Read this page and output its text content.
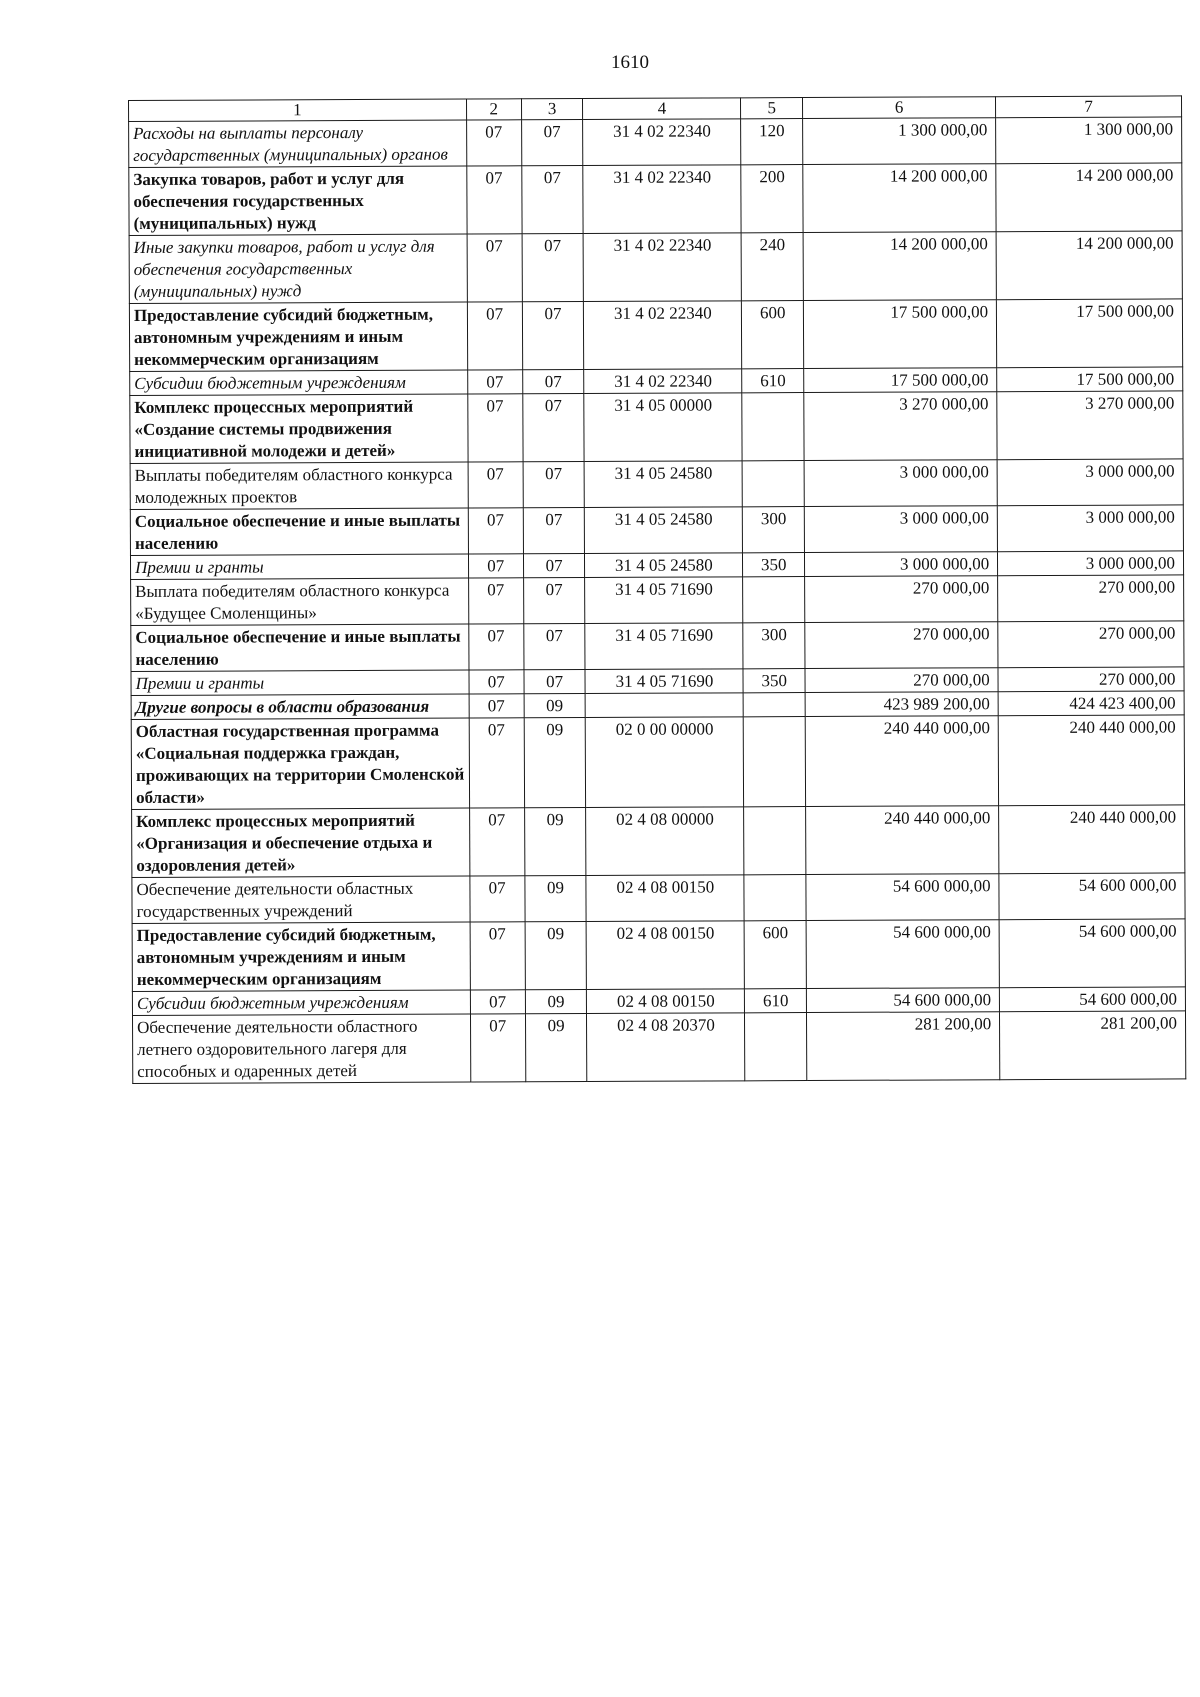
1610
1	2	3	4	5	6	7
Расходы на выплаты персоналу государственных (муниципальных) органов	07	07	31 4 02 22340	120	1 300 000,00	1 300 000,00
Закупка товаров, работ и услуг для обеспечения государственных (муниципальных) нужд	07	07	31 4 02 22340	200	14 200 000,00	14 200 000,00
Иные закупки товаров, работ и услуг для обеспечения государственных (муниципальных) нужд	07	07	31 4 02 22340	240	14 200 000,00	14 200 000,00
Предоставление субсидий бюджетным, автономным учреждениям и иным некоммерческим организациям	07	07	31 4 02 22340	600	17 500 000,00	17 500 000,00
Субсидии бюджетным учреждениям	07	07	31 4 02 22340	610	17 500 000,00	17 500 000,00
Комплекс процессных мероприятий «Создание системы продвижения инициативной молодежи и детей»	07	07	31 4 05 00000		3 270 000,00	3 270 000,00
Выплаты победителям областного конкурса молодежных проектов	07	07	31 4 05 24580		3 000 000,00	3 000 000,00
Социальное обеспечение и иные выплаты населению	07	07	31 4 05 24580	300	3 000 000,00	3 000 000,00
Премии и гранты	07	07	31 4 05 24580	350	3 000 000,00	3 000 000,00
Выплата победителям областного конкурса «Будущее Смоленщины»	07	07	31 4 05 71690		270 000,00	270 000,00
Социальное обеспечение и иные выплаты населению	07	07	31 4 05 71690	300	270 000,00	270 000,00
Премии и гранты	07	07	31 4 05 71690	350	270 000,00	270 000,00
Другие вопросы в области образования	07	09			423 989 200,00	424 423 400,00
Областная государственная программа «Социальная поддержка граждан, проживающих на территории Смоленской области»	07	09	02 0 00 00000		240 440 000,00	240 440 000,00
Комплекс процессных мероприятий «Организация и обеспечение отдыха и оздоровления детей»	07	09	02 4 08 00000		240 440 000,00	240 440 000,00
Обеспечение деятельности областных государственных учреждений	07	09	02 4 08 00150		54 600 000,00	54 600 000,00
Предоставление субсидий бюджетным, автономным учреждениям и иным некоммерческим организациям	07	09	02 4 08 00150	600	54 600 000,00	54 600 000,00
Субсидии бюджетным учреждениям	07	09	02 4 08 00150	610	54 600 000,00	54 600 000,00
Обеспечение деятельности областного летнего оздоровительного лагеря для способных и одаренных детей	07	09	02 4 08 20370		281 200,00	281 200,00
